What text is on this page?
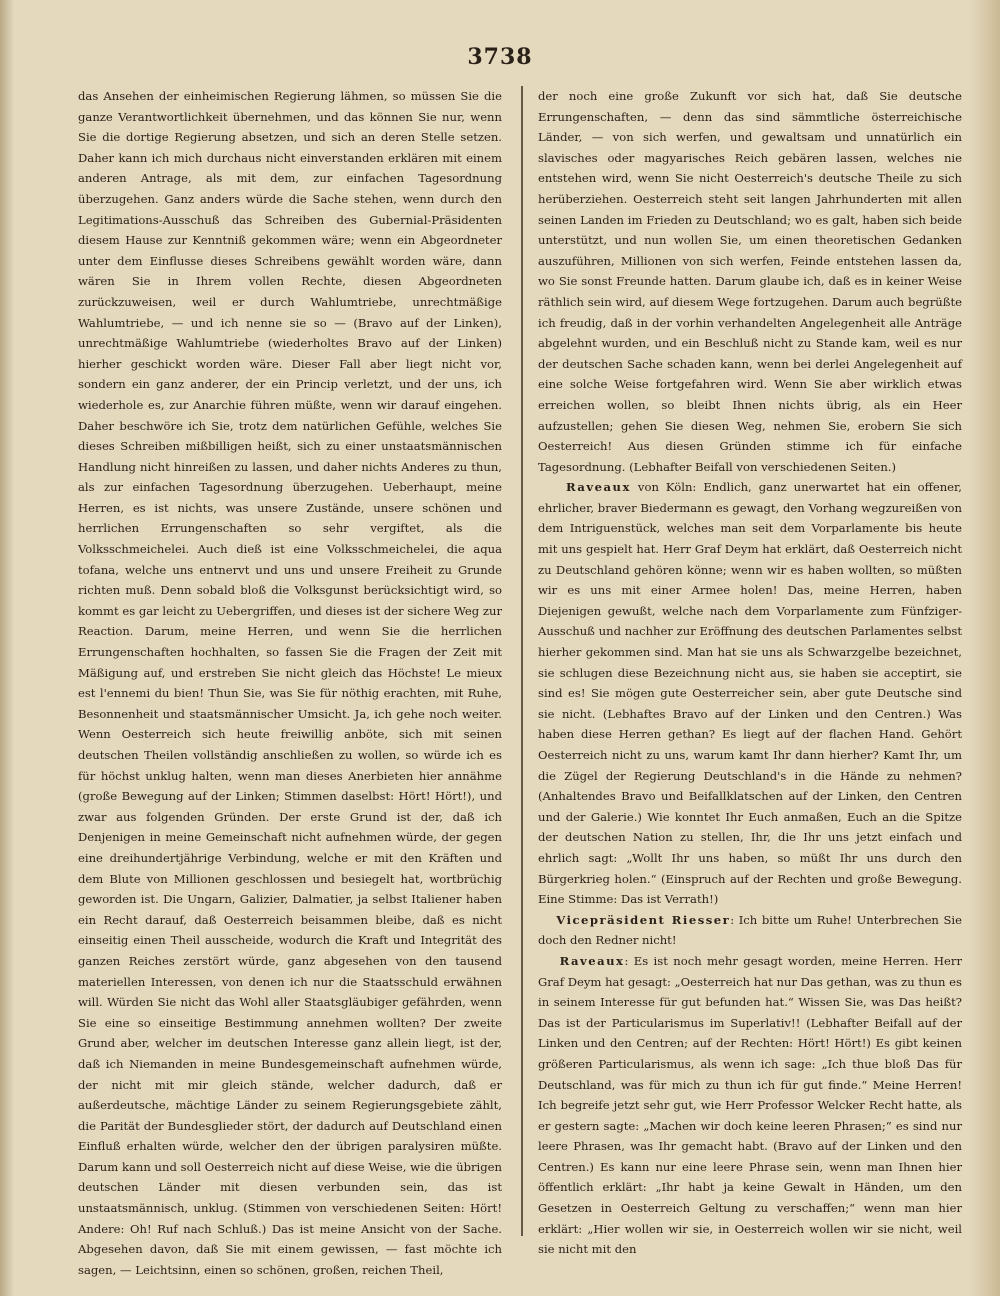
3738

das Ansehen der einheimischen Regierung lähmen, so müssen Sie die ganze Verantwortlichkeit übernehmen, und das können Sie nur, wenn Sie die dortige Regierung absetzen, und sich an deren Stelle setzen. Daher kann ich mich durchaus nicht einverstanden erklären mit einem anderen Antrage, als mit dem, zur einfachen Tagesordnung überzugehen. Ganz anders würde die Sache stehen, wenn durch den Legitimations-Ausschuß das Schreiben des Gubernial-Präsidenten diesem Hause zur Kenntniß gekommen wäre; wenn ein Abgeordneter unter dem Einflusse dieses Schreibens gewählt worden wäre, dann wären Sie in Ihrem vollen Rechte, diesen Abgeordneten zurückzuweisen, weil er durch Wahlumtriebe, unrechtmäßige Wahlumtriebe, — und ich nenne sie so — (Bravo auf der Linken), unrechtmäßige Wahlumtriebe (wiederholtes Bravo auf der Linken) hierher geschickt worden wäre. Dieser Fall aber liegt nicht vor, sondern ein ganz anderer, der ein Princip verletzt, und der uns, ich wiederhole es, zur Anarchie führen müßte, wenn wir darauf eingehen. Daher beschwöre ich Sie, trotz dem natürlichen Gefühle, welches Sie dieses Schreiben mißbilligen heißt, sich zu einer unstaatsmännischen Handlung nicht hinreißen zu lassen, und daher nichts Anderes zu thun, als zur einfachen Tagesordnung überzugehen. Ueberhaupt, meine Herren, es ist nichts, was unsere Zustände, unsere schönen und herrlichen Errungenschaften so sehr vergiftet, als die Volksschmeichelei. Auch dieß ist eine Volksschmeichelei, die aqua tofana, welche uns entnervt und uns und unsere Freiheit zu Grunde richten muß. Denn sobald bloß die Volksgunst berücksichtigt wird, so kommt es gar leicht zu Uebergriffen, und dieses ist der sichere Weg zur Reaction. Darum, meine Herren, und wenn Sie die herrlichen Errungenschaften hochhalten, so fassen Sie die Fragen der Zeit mit Mäßigung auf, und erstreben Sie nicht gleich das Höchste! Le mieux est l'ennemi du bien! Thun Sie, was Sie für nöthig erachten, mit Ruhe, Besonnenheit und staatsmännischer Umsicht. Ja, ich gehe noch weiter. Wenn Oesterreich sich heute freiwillig anböte, sich mit seinen deutschen Theilen vollständig anschließen zu wollen, so würde ich es für höchst unklug halten, wenn man dieses Anerbieten hier annähme (große Bewegung auf der Linken; Stimmen daselbst: Hört! Hört!), und zwar aus folgenden Gründen. Der erste Grund ist der, daß ich Denjenigen in meine Gemeinschaft nicht aufnehmen würde, der gegen eine dreihundertjährige Verbindung, welche er mit den Kräften und dem Blute von Millionen geschlossen und besiegelt hat, wortbrüchig geworden ist. Die Ungarn, Galizier, Dalmatier, ja selbst Italiener haben ein Recht darauf, daß Oesterreich beisammen bleibe, daß es nicht einseitig einen Theil ausscheide, wodurch die Kraft und Integrität des ganzen Reiches zerstört würde, ganz abgesehen von den tausend materiellen Interessen, von denen ich nur die Staatsschuld erwähnen will. Würden Sie nicht das Wohl aller Staatsgläubiger gefährden, wenn Sie eine so einseitige Bestimmung annehmen wollten? Der zweite Grund aber, welcher im deutschen Interesse ganz allein liegt, ist der, daß ich Niemanden in meine Bundesgemeinschaft aufnehmen würde, der nicht mit mir gleich stände, welcher dadurch, daß er außerdeutsche, mächtige Länder zu seinem Regierungsgebiete zählt, die Parität der Bundesglieder stört, der dadurch auf Deutschland einen Einfluß erhalten würde, welcher den der übrigen paralysiren müßte. Darum kann und soll Oesterreich nicht auf diese Weise, wie die übrigen deutschen Länder mit diesen verbunden sein, das ist unstaatsmännisch, unklug. (Stimmen von verschiedenen Seiten: Hört! Andere: Oh! Ruf nach Schluß.) Das ist meine Ansicht von der Sache. Abgesehen davon, daß Sie mit einem gewissen, — fast möchte ich sagen, — Leichtsinn, einen so schönen, großen, reichen Theil,

der noch eine große Zukunft vor sich hat, daß Sie deutsche Errungenschaften, — denn das sind sämmtliche österreichische Länder, — von sich werfen, und gewaltsam und unnatürlich ein slavisches oder magyarisches Reich gebären lassen, welches nie entstehen wird, wenn Sie nicht Oesterreich's deutsche Theile zu sich herüberziehen. Oesterreich steht seit langen Jahrhunderten mit allen seinen Landen im Frieden zu Deutschland; wo es galt, haben sich beide unterstützt, und nun wollen Sie, um einen theoretischen Gedanken auszuführen, Millionen von sich werfen, Feinde entstehen lassen da, wo Sie sonst Freunde hatten. Darum glaube ich, daß es in keiner Weise räthlich sein wird, auf diesem Wege fortzugehen. Darum auch begrüßte ich freudig, daß in der vorhin verhandelten Angelegenheit alle Anträge abgelehnt wurden, und ein Beschluß nicht zu Stande kam, weil es nur der deutschen Sache schaden kann, wenn bei derlei Angelegenheit auf eine solche Weise fortgefahren wird. Wenn Sie aber wirklich etwas erreichen wollen, so bleibt Ihnen nichts übrig, als ein Heer aufzustellen; gehen Sie diesen Weg, nehmen Sie, erobern Sie sich Oesterreich! Aus diesen Gründen stimme ich für einfache Tagesordnung. (Lebhafter Beifall von verschiedenen Seiten.)

Raveaux von Köln: Endlich, ganz unerwartet hat ein offener, ehrlicher, braver Biedermann es gewagt, den Vorhang wegzureißen von dem Intriguenstück, welches man seit dem Vorparlamente bis heute mit uns gespielt hat. Herr Graf Deym hat erklärt, daß Oesterreich nicht zu Deutschland gehören könne; wenn wir es haben wollten, so müßten wir es uns mit einer Armee holen! Das, meine Herren, haben Diejenigen gewußt, welche nach dem Vorparlamente zum Fünfziger-Ausschuß und nachher zur Eröffnung des deutschen Parlamentes selbst hierher gekommen sind. Man hat sie uns als Schwarzgelbe bezeichnet, sie schlugen diese Bezeichnung nicht aus, sie haben sie acceptirt, sie sind es! Sie mögen gute Oesterreicher sein, aber gute Deutsche sind sie nicht. (Lebhaftes Bravo auf der Linken und den Centren.) Was haben diese Herren gethan? Es liegt auf der flachen Hand. Gehört Oesterreich nicht zu uns, warum kamt Ihr dann hierher? Kamt Ihr, um die Zügel der Regierung Deutschland's in die Hände zu nehmen? (Anhaltendes Bravo und Beifallklatschen auf der Linken, den Centren und der Galerie.) Wie konntet Ihr Euch anmaßen, Euch an die Spitze der deutschen Nation zu stellen, Ihr, die Ihr uns jetzt einfach und ehrlich sagt: „Wollt Ihr uns haben, so müßt Ihr uns durch den Bürgerkrieg holen.“ (Einspruch auf der Rechten und große Bewegung. Eine Stimme: Das ist Verrath!)

Vicepräsident Riesser: Ich bitte um Ruhe! Unterbrechen Sie doch den Redner nicht!

Raveaux: Es ist noch mehr gesagt worden, meine Herren. Herr Graf Deym hat gesagt: „Oesterreich hat nur Das gethan, was zu thun es in seinem Interesse für gut befunden hat.“ Wissen Sie, was Das heißt? Das ist der Particularismus im Superlativ!! (Lebhafter Beifall auf der Linken und den Centren; auf der Rechten: Hört! Hört!) Es gibt keinen größeren Particularismus, als wenn ich sage: „Ich thue bloß Das für Deutschland, was für mich zu thun ich für gut finde.“ Meine Herren! Ich begreife jetzt sehr gut, wie Herr Professor Welcker Recht hatte, als er gestern sagte: „Machen wir doch keine leeren Phrasen;“ es sind nur leere Phrasen, was Ihr gemacht habt. (Bravo auf der Linken und den Centren.) Es kann nur eine leere Phrase sein, wenn man Ihnen hier öffentlich erklärt: „Ihr habt ja keine Gewalt in Händen, um den Gesetzen in Oesterreich Geltung zu verschaffen;“ wenn man hier erklärt: „Hier wollen wir sie, in Oesterreich wollen wir sie nicht, weil sie nicht mit den
